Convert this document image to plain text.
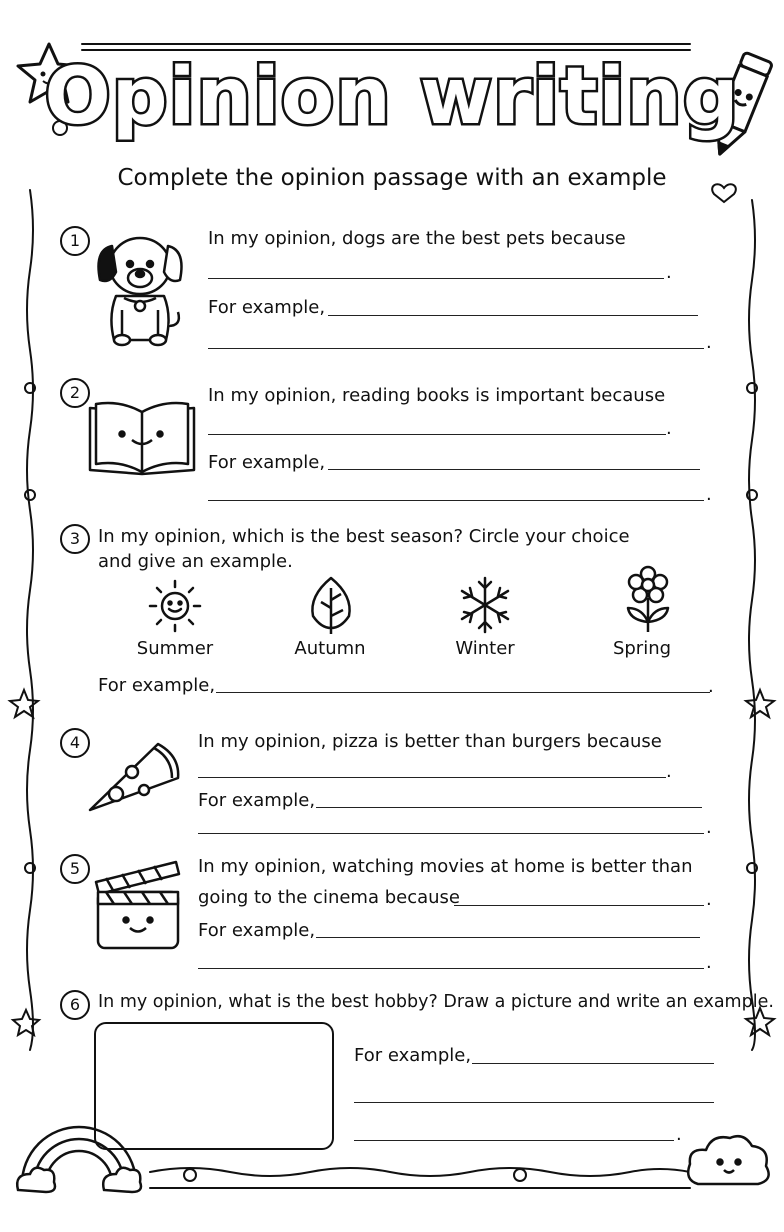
Opinion writing
Complete the opinion passage with an example
1	In my opinion, dogs are the best pets because
.
For example,
.
2	In my opinion, reading books is important because
.
For example,
.
3 In my opinion, which is the best season? Circle your choice
and give an example.
Summer	Autumn	Winter	Spring
For example,	.
4	In my opinion, pizza is better than burgers because
.
For example,
.
5	In my opinion, watching movies at home is better than
going to the cinema because	.
For example,
.
6	In my opinion, what is the best hobby? Draw a picture and write an example.
For example,
.
